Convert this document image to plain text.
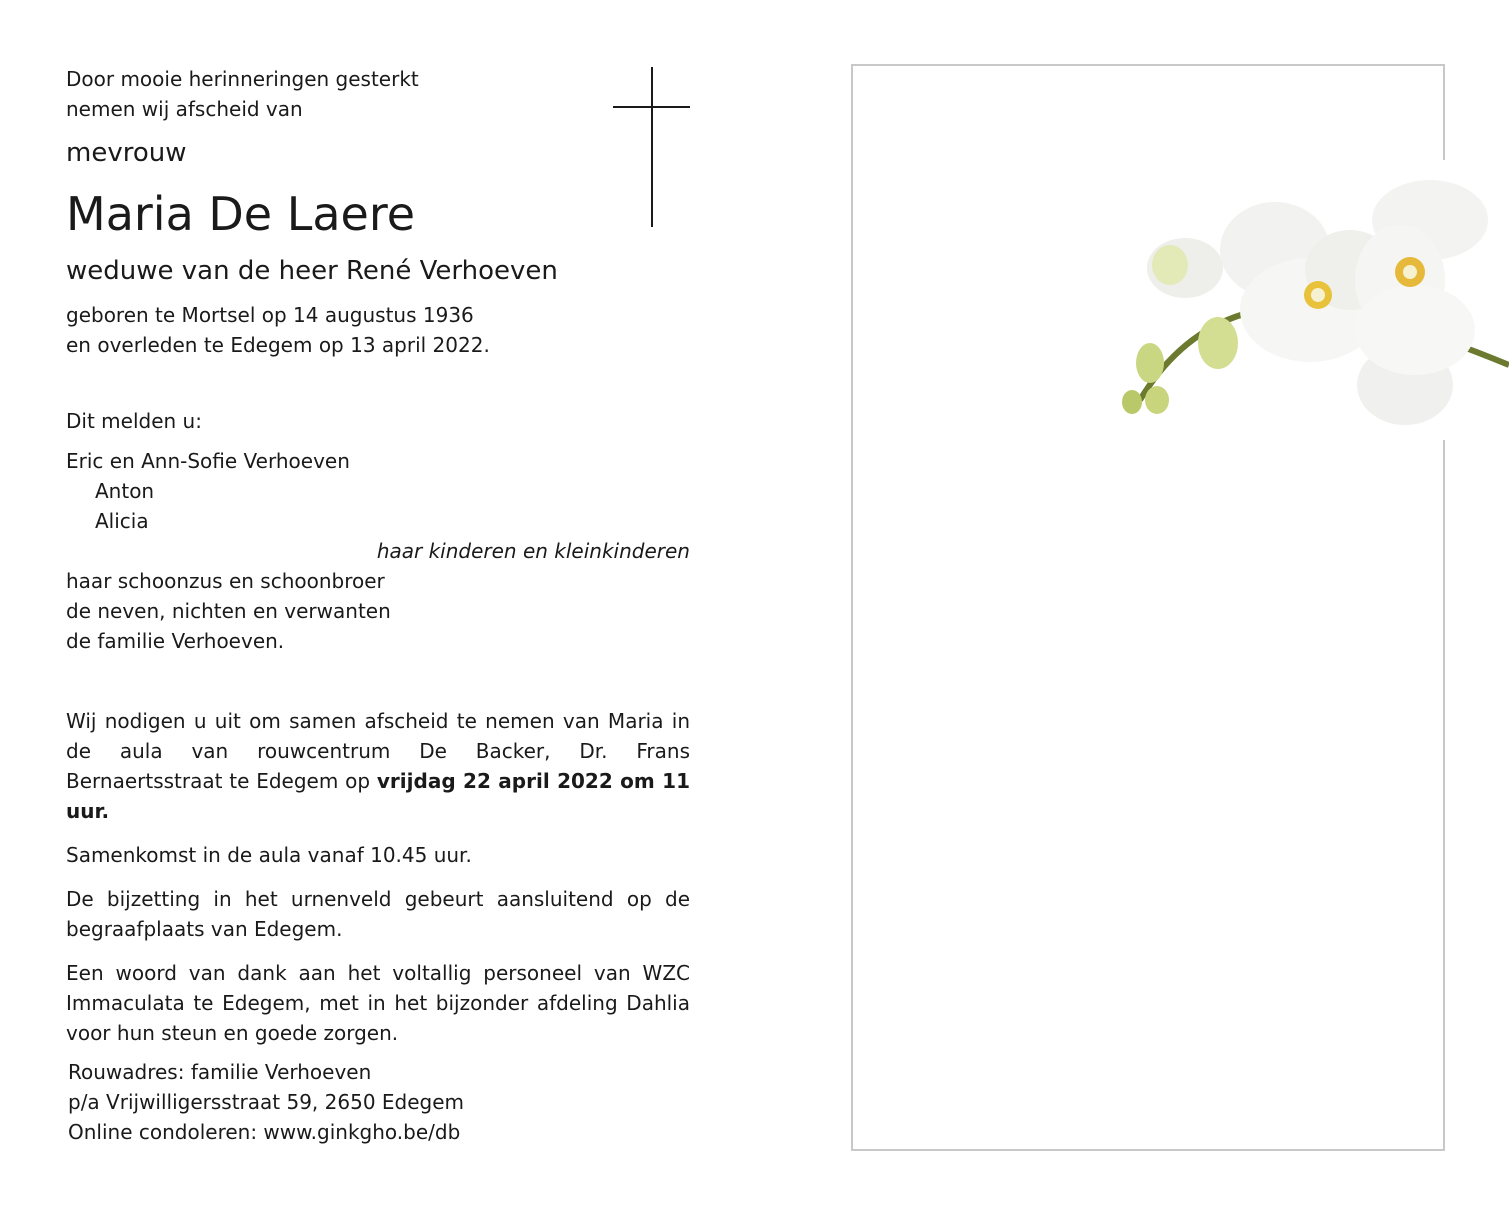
Door mooie herinneringen gesterkt
nemen wij afscheid van
mevrouw
Maria De Laere
weduwe van de heer René Verhoeven
geboren te Mortsel op 14 augustus 1936
en overleden te Edegem op 13 april 2022.
Dit melden u:
Eric en Ann-Sofie Verhoeven
Anton
Alicia
haar kinderen en kleinkinderen
haar schoonzus en schoonbroer
de neven, nichten en verwanten
de familie Verhoeven.

Wij nodigen u uit om samen afscheid te nemen van Maria in de aula van rouwcentrum De Backer, Dr. Frans Bernaertsstraat te Edegem op vrijdag 22 april 2022 om 11 uur.

Samenkomst in de aula vanaf 10.45 uur.

De bijzetting in het urnenveld gebeurt aansluitend op de begraafplaats van Edegem.

Een woord van dank aan het voltallig personeel van WZC Immaculata te Edegem, met in het bijzonder afdeling Dahlia voor hun steun en goede zorgen.

Rouwadres: familie Verhoeven
p/a Vrijwilligersstraat 59, 2650 Edegem
Online condoleren: www.ginkgho.be/db
